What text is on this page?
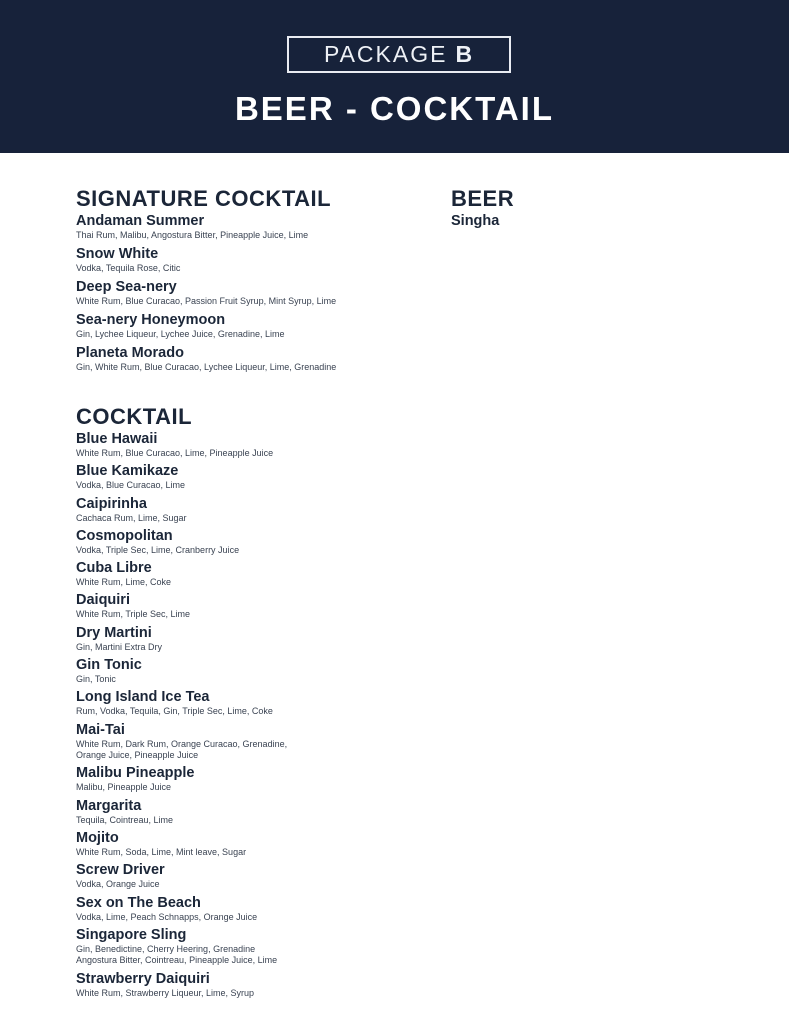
PACKAGE B
BEER - COCKTAIL
SIGNATURE COCKTAIL
Andaman Summer
Thai Rum, Malibu, Angostura Bitter, Pineapple Juice, Lime
Snow White
Vodka, Tequila Rose, Citic
Deep Sea-nery
White Rum, Blue Curacao, Passion Fruit Syrup, Mint Syrup, Lime
Sea-nery Honeymoon
Gin, Lychee Liqueur, Lychee Juice, Grenadine, Lime
Planeta Morado
Gin, White Rum, Blue Curacao, Lychee Liqueur, Lime, Grenadine
BEER
Singha
COCKTAIL
Blue Hawaii
White Rum, Blue Curacao, Lime, Pineapple Juice
Blue Kamikaze
Vodka, Blue Curacao, Lime
Caipirinha
Cachaca Rum, Lime, Sugar
Cosmopolitan
Vodka, Triple Sec, Lime, Cranberry Juice
Cuba Libre
White Rum, Lime, Coke
Daiquiri
White Rum, Triple Sec, Lime
Dry Martini
Gin, Martini Extra Dry
Gin Tonic
Gin, Tonic
Long Island Ice Tea
Rum, Vodka, Tequila, Gin, Triple Sec, Lime, Coke
Mai-Tai
White Rum, Dark Rum, Orange Curacao, Grenadine,
Orange Juice, Pineapple Juice
Malibu Pineapple
Malibu, Pineapple Juice
Margarita
Tequila, Cointreau, Lime
Mojito
White Rum, Soda, Lime, Mint leave, Sugar
Screw Driver
Vodka, Orange Juice
Sex on The Beach
Vodka, Lime, Peach Schnapps, Orange Juice
Singapore Sling
Gin, Benedictine, Cherry Heering, Grenadine
Angostura Bitter, Cointreau, Pineapple Juice, Lime
Strawberry Daiquiri
White Rum, Strawberry Liqueur, Lime, Syrup
